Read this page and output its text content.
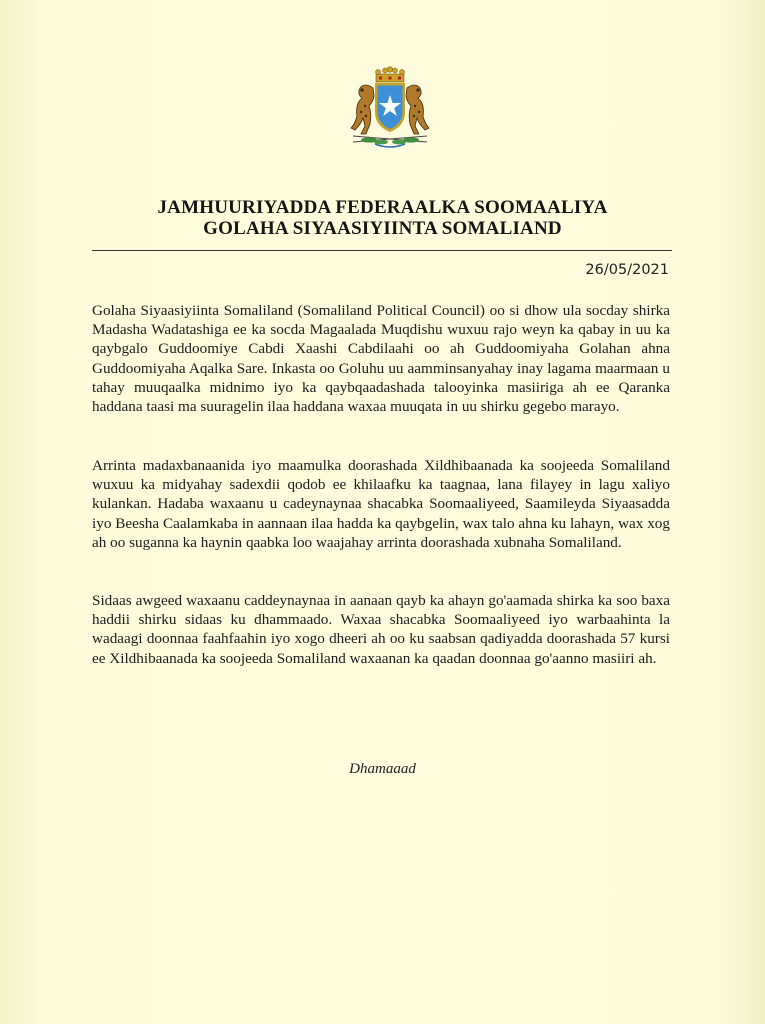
JAMHUURIYADDA FEDERAALKA SOOMAALIYA
GOLAHA SIYAASIYIINTA SOMALIAND
26/05/2021
Golaha Siyaasiyiinta Somaliland (Somaliland Political Council) oo si dhow ula socday shirka Madasha Wadatashiga ee ka socda Magaalada Muqdishu wuxuu rajo weyn ka qabay in uu ka qaybgalo Guddoomiye Cabdi Xaashi Cabdilaahi oo ah Guddoomiyaha Golahan ahna Guddoomiyaha Aqalka Sare. Inkasta oo Goluhu uu aamminsanyahay inay lagama maarmaan u tahay muuqaalka midnimo iyo ka qaybqaadashada talooyinka masiiriga ah ee Qaranka haddana taasi ma suuragelin ilaa haddana waxaa muuqata in uu shirku gegebo marayo.
Arrinta madaxbanaanida iyo maamulka doorashada Xildhibaanada ka soojeeda Somaliland wuxuu ka midyahay sadexdii qodob ee khilaafku ka taagnaa, lana filayey in lagu xaliyo kulankan. Hadaba waxaanu u cadeynaynaa shacabka Soomaaliyeed, Saamileyda Siyaasadda iyo Beesha Caalamkaba in aannaan ilaa hadda ka qaybgelin, wax talo ahna ku lahayn, wax xog ah oo suganna ka haynin qaabka loo waajahay arrinta doorashada xubnaha Somaliland.
Sidaas awgeed waxaanu caddeynaynaa in aanaan qayb ka ahayn go'aamada shirka ka soo baxa haddii shirku sidaas ku dhammaado. Waxaa shacabka Soomaaliyeed iyo warbaahinta la wadaagi doonnaa faahfaahin iyo xogo dheeri ah oo ku saabsan qadiyadda doorashada 57 kursi ee Xildhibaanada ka soojeeda Somaliland waxaanan ka qaadan doonnaa go'aanno masiiri ah.
Dhamaaad
